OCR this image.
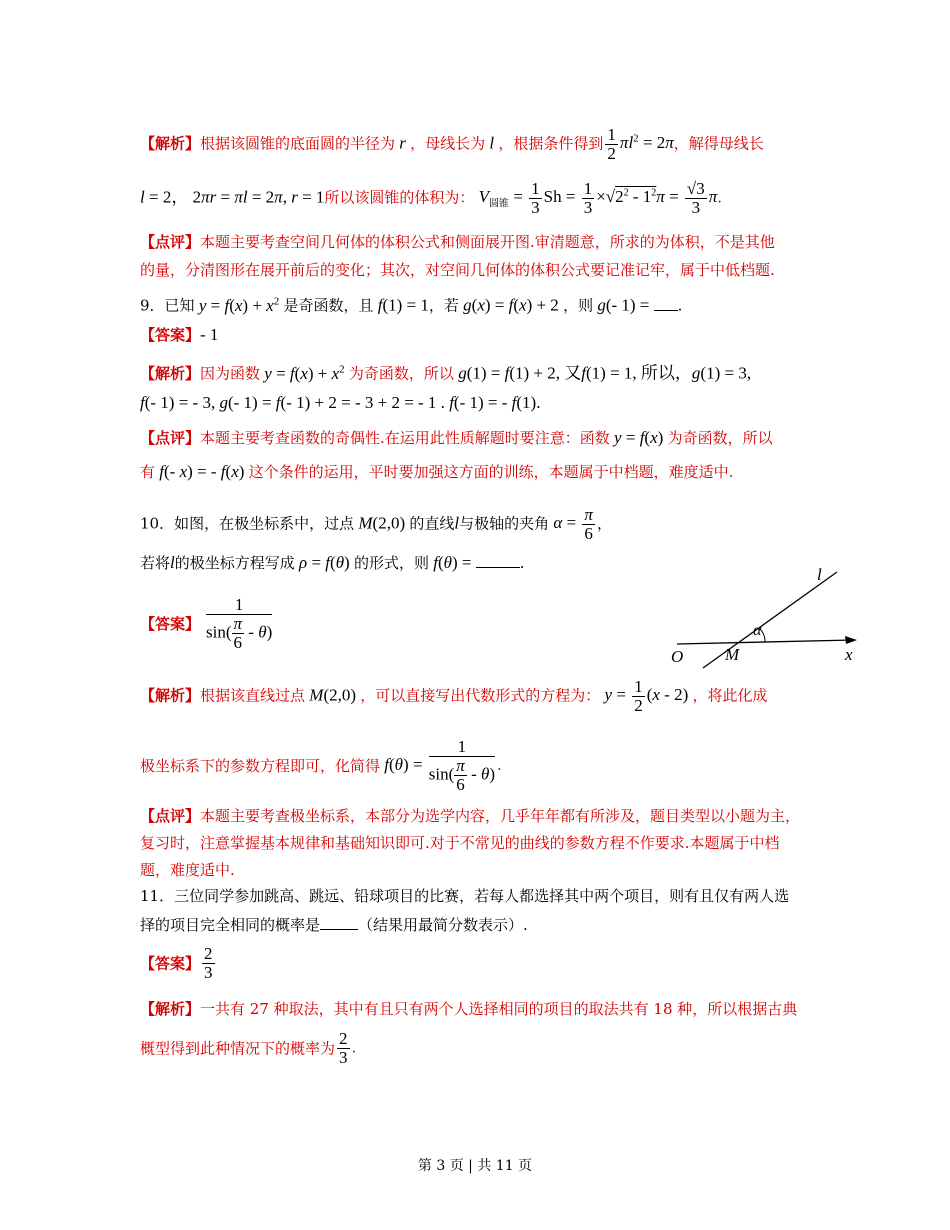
【解析】根据该圆锥的底面圆的半径为 r ，母线长为 l ，根据条件得到 $\frac{1}{2} \pi l^2 = 2\pi$，解得母线长
l = 2， 2πr = πl = 2π, r = 1所以该圆锥的体积为： $V_{圆锥} = \frac{1}{3}$ $Sh = \frac{1}{3} \times√2^2 - 1^2\pi = \frac{√3}{3} \pi$.
【点评】本题主要考查空间几何体的体积公式和侧面展开图.审清题意，所求的为体积，不是其他
的量，分清图形在展开前后的变化；其次，对空间几何体的体积公式要记准记牢，属于中低档题.
9．已知 $y = f(x) + x^2$ 是奇函数，且 f(1) = 1，若 g(x) = f(x) + 2 ，则 g(- 1) = .
【答案】- 1
【解析】因为函数 $y = f(x) + x^2$ 为奇函数，所以 g(1) = f(1) + 2, 又f(1) = 1, 所以，g(1) = 3,
f(- 1) = - 3, g(- 1) = f(- 1) + 2 = - 3 + 2 = - 1 . f(- 1) = - f(1).
【点评】本题主要考查函数的奇偶性.在运用此性质解题时要注意：函数 y = f(x) 为奇函数，所以
有 f(- x) = - f(x) 这个条件的运用，平时要加强这方面的训练，本题属于中档题，难度适中.
10．如图，在极坐标系中，过点 M(2,0) 的直线l与极轴的夹角 $\alpha = \frac{\pi}{6}$ ，
若将l的极坐标方程写成 ρ = f(θ) 的形式，则 f(θ) =	.
【答案】 $\frac{1}{\sin( \frac{\pi}{6} - \theta)}$
l
α
O M	x
【解析】根据该直线过点 M(2,0) ，可以直接写出代数形式的方程为： $y = \frac{1}{2} (x - 2)$ ，将此化成
极坐标系下的参数方程即可，化简得 $f(\theta) = \frac{1}{\sin( \frac{\pi}{6} - \theta)}$ .
【点评】本题主要考查极坐标系，本部分为选学内容，几乎年年都有所涉及，题目类型以小题为主，
复习时，注意掌握基本规律和基础知识即可.对于不常见的曲线的参数方程不作要求.本题属于中档
题，难度适中.
11．三位同学参加跳高、跳远、铅球项目的比赛，若每人都选择其中两个项目，则有且仅有两人选
择的项目完全相同的概率是	（结果用最简分数表示）.
【答案】 $\frac{2}{3}$
【解析】一共有 27 种取法，其中有且只有两个人选择相同的项目的取法共有 18 种，所以根据古典
概型得到此种情况下的概率为 $\frac{2}{3}$ .
第 3 页 | 共 11 页
